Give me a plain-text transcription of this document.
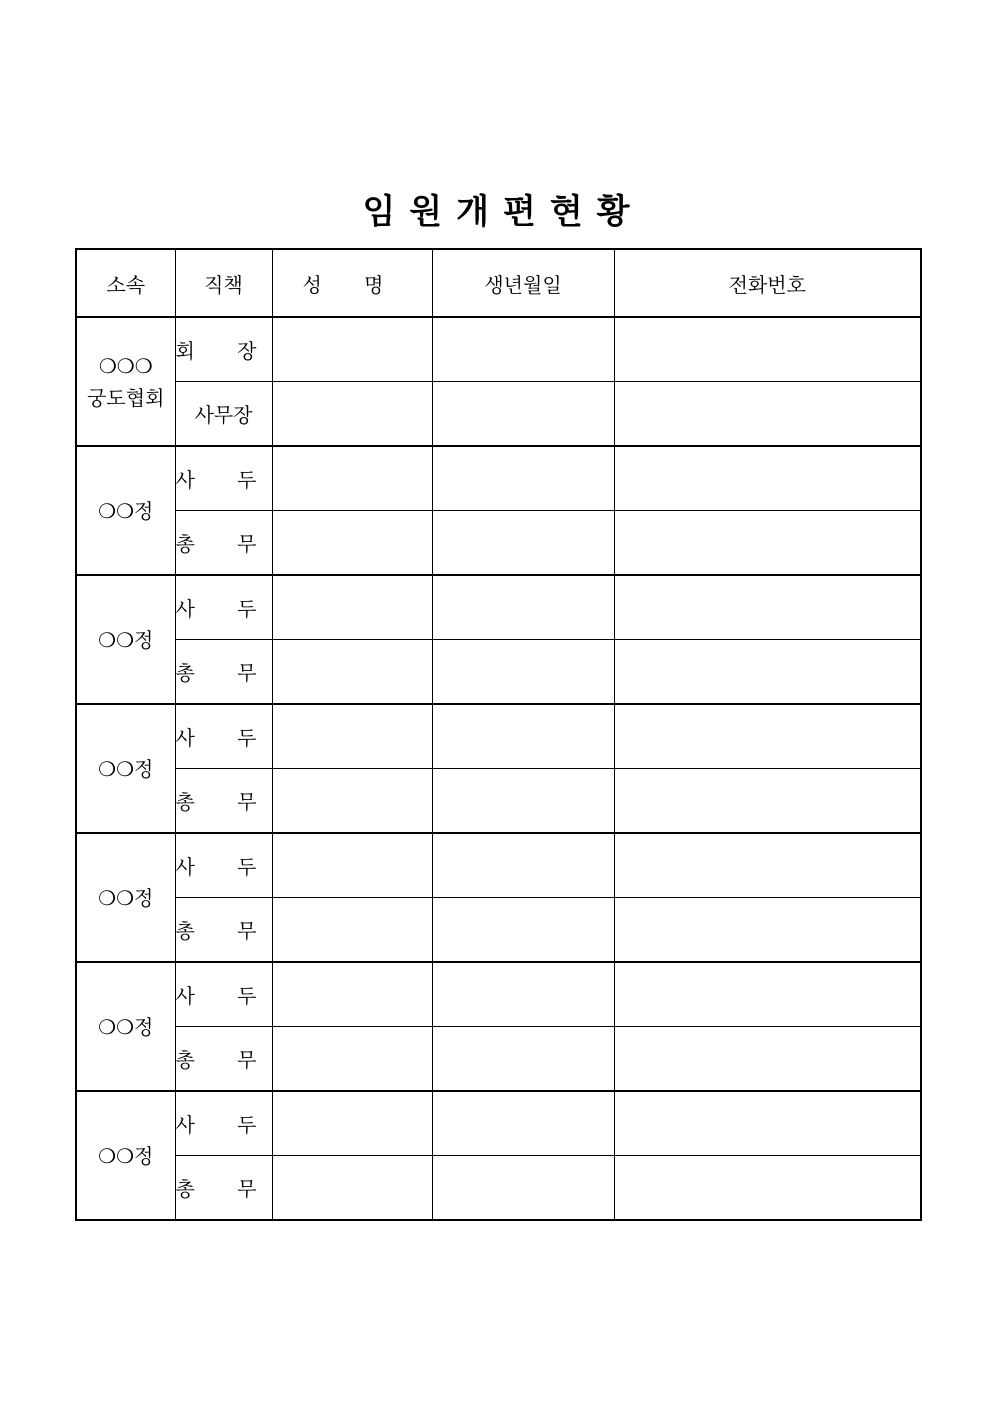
임원개편현황
소속	직책	성 명	생년월일	전화번호
❍❍❍
궁도협회	회 장			
	사무장			
❍❍정	사 두			
	총 무			
❍❍정	사 두			
	총 무			
❍❍정	사 두			
	총 무			
❍❍정	사 두			
	총 무			
❍❍정	사 두			
	총 무			
❍❍정	사 두			
	총 무			
